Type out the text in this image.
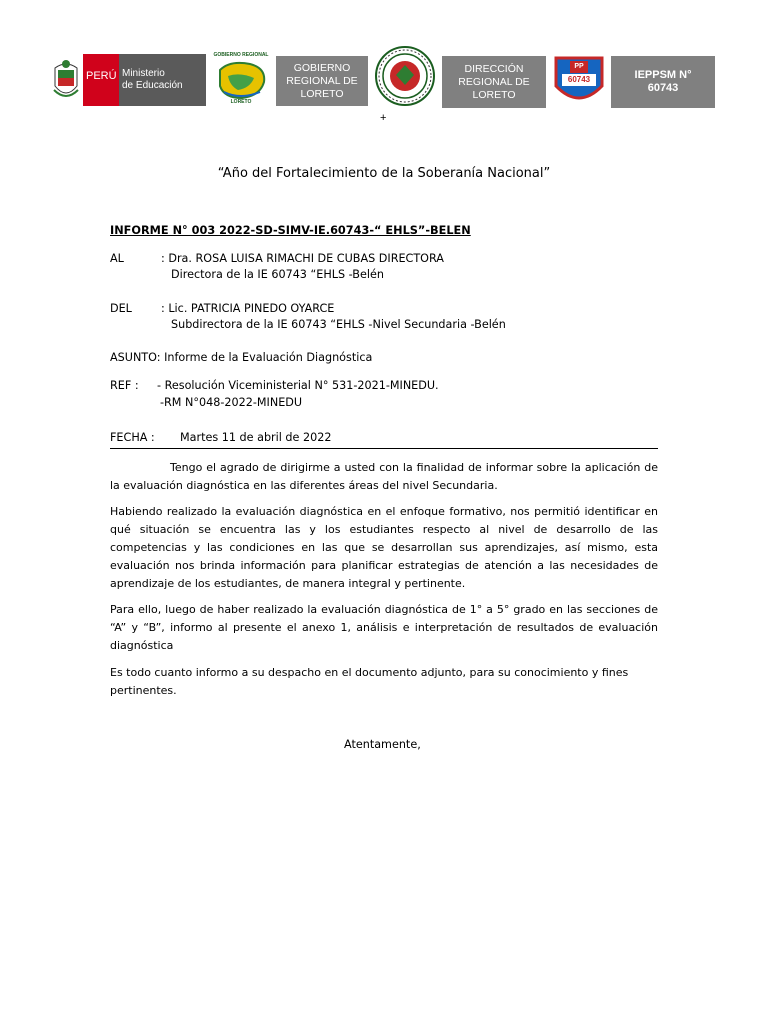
PERÚ Ministerio
de Educación
GOBIERNO REGIONAL
LORETO
GOBIERNO
REGIONAL DE
LORETO
DIRECCIÓN
REGIONAL DE
LORETO
PP
60743	IEPPSM N°
60743
+
“Año del Fortalecimiento de la Soberanía Nacional”
INFORME N° 003 2022-SD-SIMV-IE.60743-“ EHLS”-BELEN
AL	: Dra. ROSA LUISA RIMACHI DE CUBAS DIRECTORA
Directora de la IE 60743 “EHLS -Belén
DEL	: Lic. PATRICIA PINEDO OYARCE
Subdirectora de la IE 60743 “EHLS -Nivel Secundaria -Belén
ASUNTO: Informe de la Evaluación Diagnóstica
REF : - Resolución Viceministerial N° 531-2021-MINEDU.
-RM N°048-2022-MINEDU
FECHA : Martes 11 de abril de 2022
Tengo el agrado de dirigirme a usted con la finalidad de informar sobre la aplicación de la evaluación diagnóstica en las diferentes áreas del nivel Secundaria.
Habiendo realizado la evaluación diagnóstica en el enfoque formativo, nos permitió identificar en qué situación se encuentra las y los estudiantes respecto al nivel de desarrollo de las competencias y las condiciones en las que se desarrollan sus aprendizajes, así mismo, esta evaluación nos brinda información para planificar estrategias de atención a las necesidades de aprendizaje de los estudiantes, de manera integral y pertinente.
Para ello, luego de haber realizado la evaluación diagnóstica de 1° a 5° grado en las secciones de “A” y “B”, informo al presente el anexo 1, análisis e interpretación de resultados de evaluación diagnóstica
Es todo cuanto informo a su despacho en el documento adjunto, para su conocimiento y fines pertinentes.
Atentamente,
